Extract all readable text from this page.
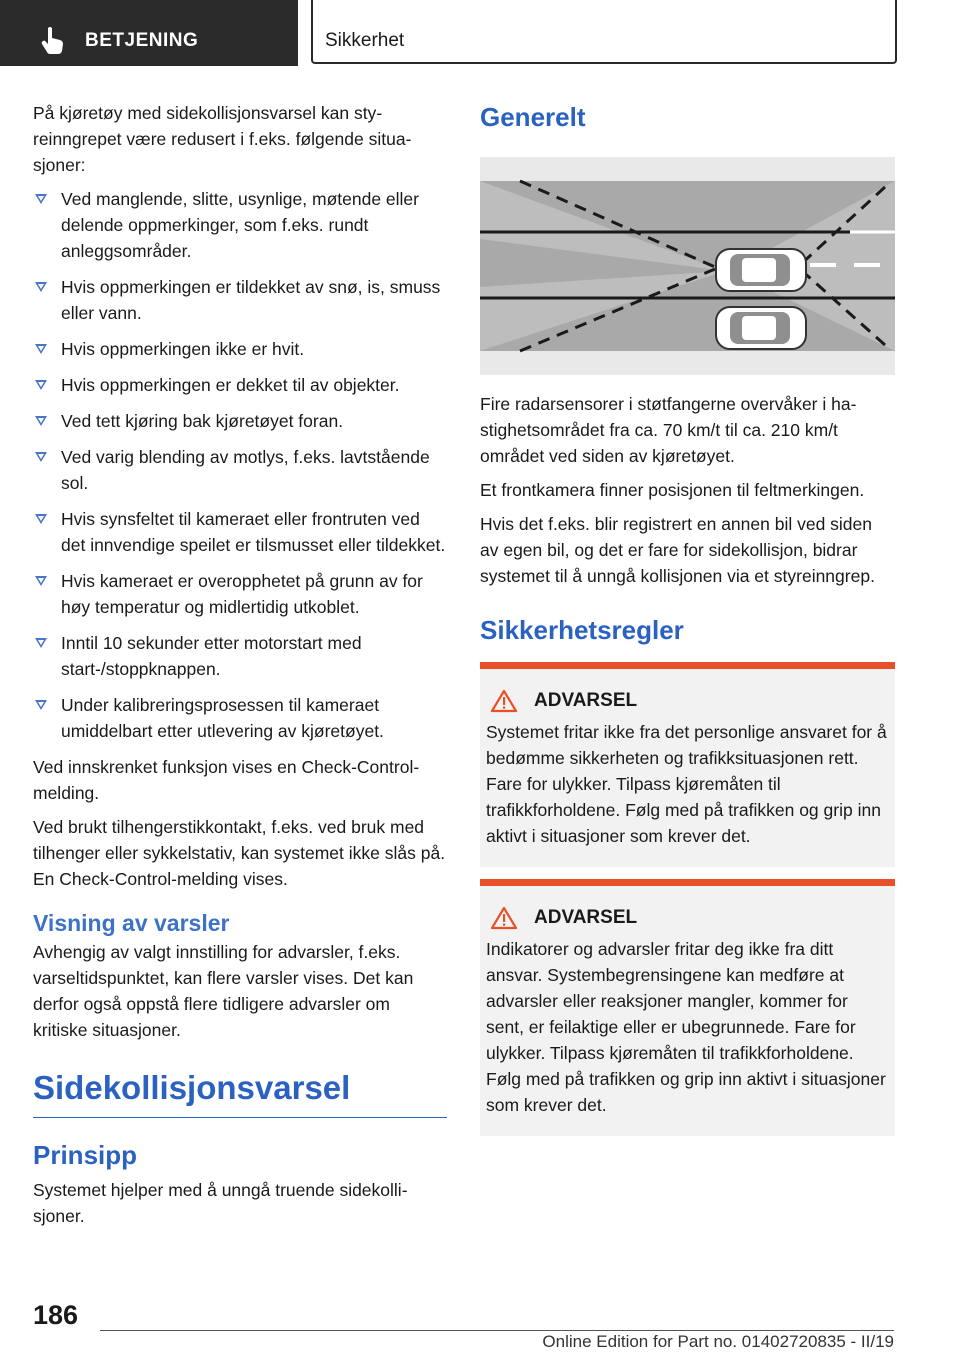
BETJENING	Sikkerhet

På kjøretøy med sidekollisjonsvarsel kan styreinngrepet være redusert i f.eks. følgende situasjoner:

Ved manglende, slitte, usynlige, møtende eller delende oppmerkinger, som f.eks. rundt anleggsområder.
Hvis oppmerkingen er tildekket av snø, is, smuss eller vann.
Hvis oppmerkingen ikke er hvit.
Hvis oppmerkingen er dekket til av objekter.
Ved tett kjøring bak kjøretøyet foran.
Ved varig blending av motlys, f.eks. lavtstående sol.
Hvis synsfeltet til kameraet eller frontruten ved det innvendige speilet er tilsmusset eller tildekket.
Hvis kameraet er overopphetet på grunn av for høy temperatur og midlertidig utkoblet.
Inntil 10 sekunder etter motorstart med start-/stoppknappen.
Under kalibreringsprosessen til kameraet umiddelbart etter utlevering av kjøretøyet.

Ved innskrenket funksjon vises en Check-Control-melding.

Ved brukt tilhengerstikkontakt, f.eks. ved bruk med tilhenger eller sykkelstativ, kan systemet ikke slås på. En Check-Control-melding vises.

Visning av varsler

Avhengig av valgt innstilling for advarsler, f.eks. varseltidspunktet, kan flere varsler vises. Det kan derfor også oppstå flere tidligere advarsler om kritiske situasjoner.

Sidekollisjonsvarsel
Prinsipp

Systemet hjelper med å unngå truende sidekollisjoner.

Generelt

Fire radarsensorer i støtfangerne overvåker i hastighetsområdet fra ca. 70 km/t til ca. 210 km/t området ved siden av kjøretøyet.

Et frontkamera finner posisjonen til feltmerkingen.

Hvis det f.eks. blir registrert en annen bil ved siden av egen bil, og det er fare for sidekollisjon, bidrar systemet til å unngå kollisjonen via et styreinngrep.

Sikkerhetsregler
ADVARSEL

Systemet fritar ikke fra det personlige ansvaret for å bedømme sikkerheten og trafikksituasjonen rett. Fare for ulykker. Tilpass kjøremåten til trafikkforholdene. Følg med på trafikken og grip inn aktivt i situasjoner som krever det.

ADVARSEL

Indikatorer og advarsler fritar deg ikke fra ditt ansvar. Systembegrensingene kan medføre at advarsler eller reaksjoner mangler, kommer for sent, er feilaktige eller er ubegrunnede. Fare for ulykker. Tilpass kjøremåten til trafikkforholdene. Følg med på trafikken og grip inn aktivt i situasjoner som krever det.

186
Online Edition for Part no. 01402720835 - II/19
